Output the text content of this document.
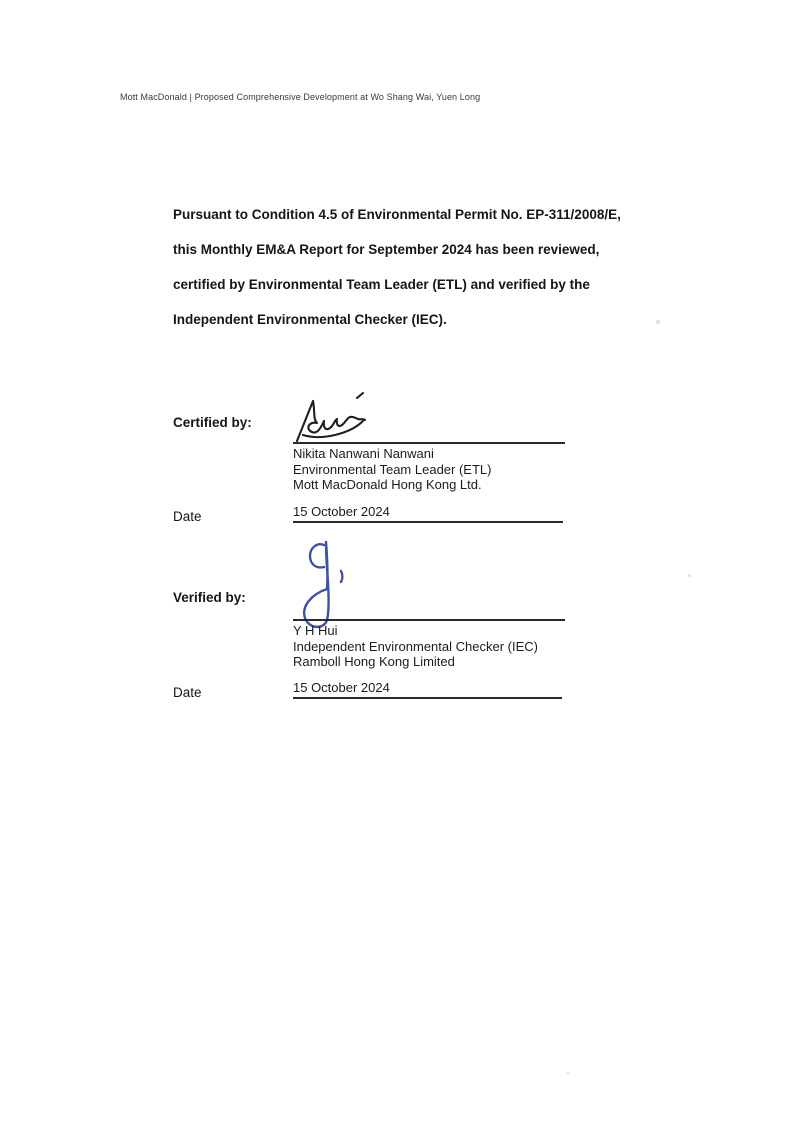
Mott MacDonald | Proposed Comprehensive Development at Wo Shang Wai, Yuen Long
Pursuant to Condition 4.5 of Environmental Permit No. EP-311/2008/E,
this Monthly EM&A Report for September 2024 has been reviewed,
certified by Environmental Team Leader (ETL) and verified by the
Independent Environmental Checker (IEC).
Certified by:
Nikita Nanwani Nanwani
Environmental Team Leader (ETL)
Mott MacDonald Hong Kong Ltd.
Date	15 October 2024
Verified by:
Y H Hui
Independent Environmental Checker (IEC)
Ramboll Hong Kong Limited
Date	15 October 2024
